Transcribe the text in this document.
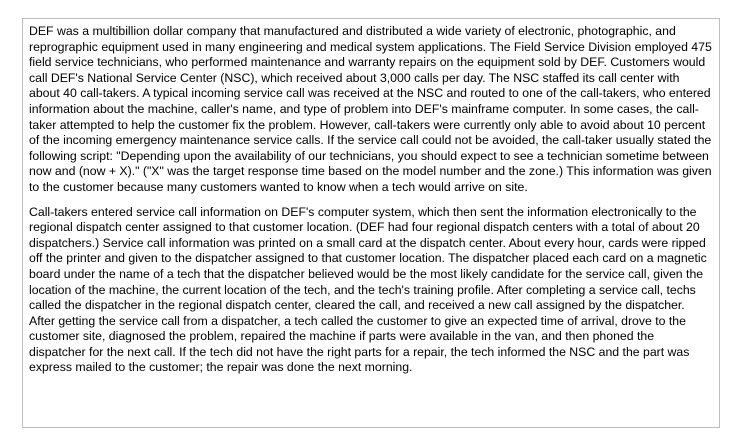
DEF was a multibillion dollar company that manufactured and distributed a wide variety of electronic, photographic, and reprographic equipment used in many engineering and medical system applications. The Field Service Division employed 475 field service technicians, who performed maintenance and warranty repairs on the equipment sold by DEF. Customers would call DEF's National Service Center (NSC), which received about 3,000 calls per day. The NSC staffed its call center with about 40 call-takers. A typical incoming service call was received at the NSC and routed to one of the call-takers, who entered information about the machine, caller's name, and type of problem into DEF's mainframe computer. In some cases, the call-taker attempted to help the customer fix the problem. However, call-takers were currently only able to avoid about 10 percent of the incoming emergency maintenance service calls. If the service call could not be avoided, the call-taker usually stated the following script: "Depending upon the availability of our technicians, you should expect to see a technician sometime between now and (now + X)." ("X" was the target response time based on the model number and the zone.) This information was given to the customer because many customers wanted to know when a tech would arrive on site.

Call-takers entered service call information on DEF's computer system, which then sent the information electronically to the regional dispatch center assigned to that customer location. (DEF had four regional dispatch centers with a total of about 20 dispatchers.) Service call information was printed on a small card at the dispatch center. About every hour, cards were ripped off the printer and given to the dispatcher assigned to that customer location. The dispatcher placed each card on a magnetic board under the name of a tech that the dispatcher believed would be the most likely candidate for the service call, given the location of the machine, the current location of the tech, and the tech's training profile. After completing a service call, techs called the dispatcher in the regional dispatch center, cleared the call, and received a new call assigned by the dispatcher. After getting the service call from a dispatcher, a tech called the customer to give an expected time of arrival, drove to the customer site, diagnosed the problem, repaired the machine if parts were available in the van, and then phoned the dispatcher for the next call. If the tech did not have the right parts for a repair, the tech informed the NSC and the part was express mailed to the customer; the repair was done the next morning.
